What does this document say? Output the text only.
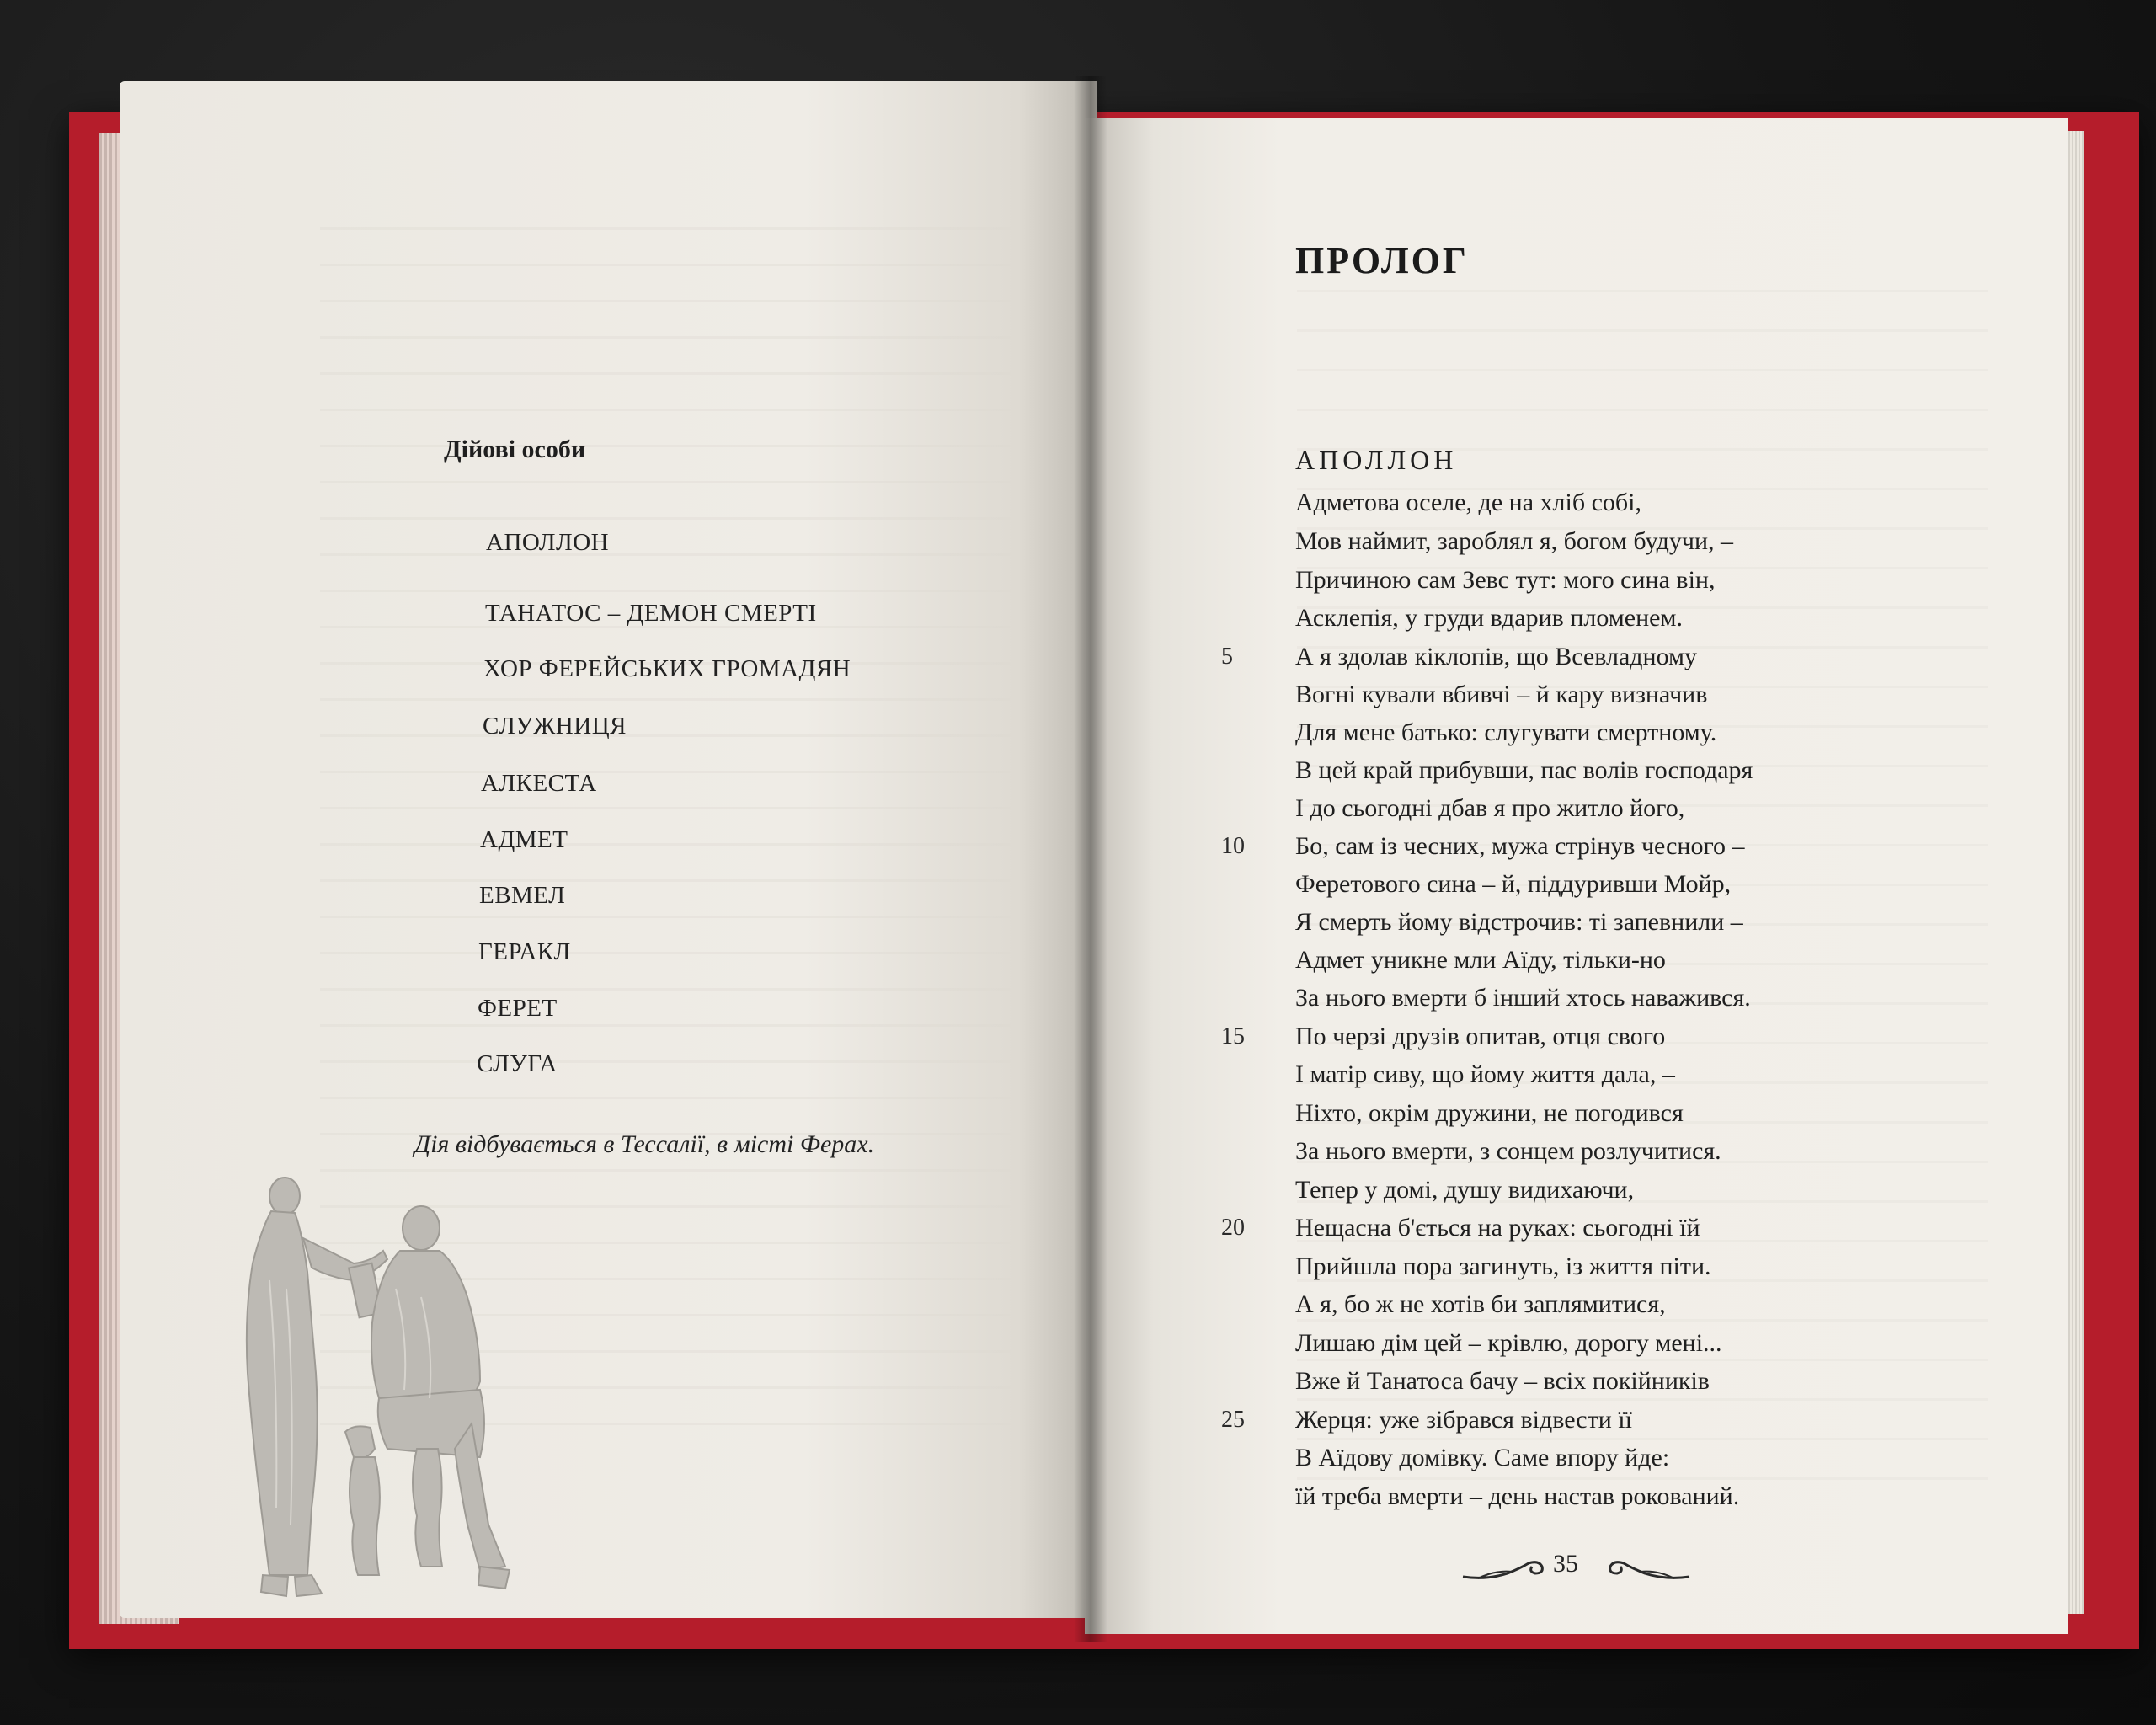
Дійові особи
АПОЛЛОН
ТАНАТОС – ДЕМОН СМЕРТІ
ХОР ФЕРЕЙСЬКИХ ГРОМАДЯН
СЛУЖНИЦЯ
АЛКЕСТА
АДМЕТ
ЕВМЕЛ
ГЕРАКЛ
ФЕРЕТ
СЛУГА
Дія відбувається в Тессалії, в місті Ферах.
ПРОЛОГ
АПОЛЛОН
Адметова оселе, де на хліб собі,
Мов наймит, зароблял я, богом будучи, –
Причиною сам Зевс тут: мого сина він,
Асклепія, у груди вдарив пломенем.
А я здолав кіклопів, що Всевладному
Вогні кували вбивчі – й кару визначив
Для мене батько: слугувати смертному.
В цей край прибувши, пас волів господаря
І до сьогодні дбав я про житло його,
Бо, сам із чесних, мужа стрінув чесного –
Феретового сина – й, піддуривши Мойр,
Я смерть йому відстрочив: ті запевнили –
Адмет уникне мли Аїду, тільки-но
За нього вмерти б інший хтось наважився.
По черзі друзів опитав, отця свого
І матір сиву, що йому життя дала, –
Ніхто, окрім дружини, не погодився
За нього вмерти, з сонцем розлучитися.
Тепер у домі, душу видихаючи,
Нещасна б'ється на руках: сьогодні їй
Прийшла пора загинуть, із життя піти.
А я, бо ж не хотів би заплямитися,
Лишаю дім цей – крівлю, дорогу мені...
Вже й Танатоса бачу – всіх покійників
Жерця: уже зібрався відвести її
В Аїдову домівку. Саме впору йде:
їй треба вмерти – день настав рокований.
5
10
15
20
25
35
